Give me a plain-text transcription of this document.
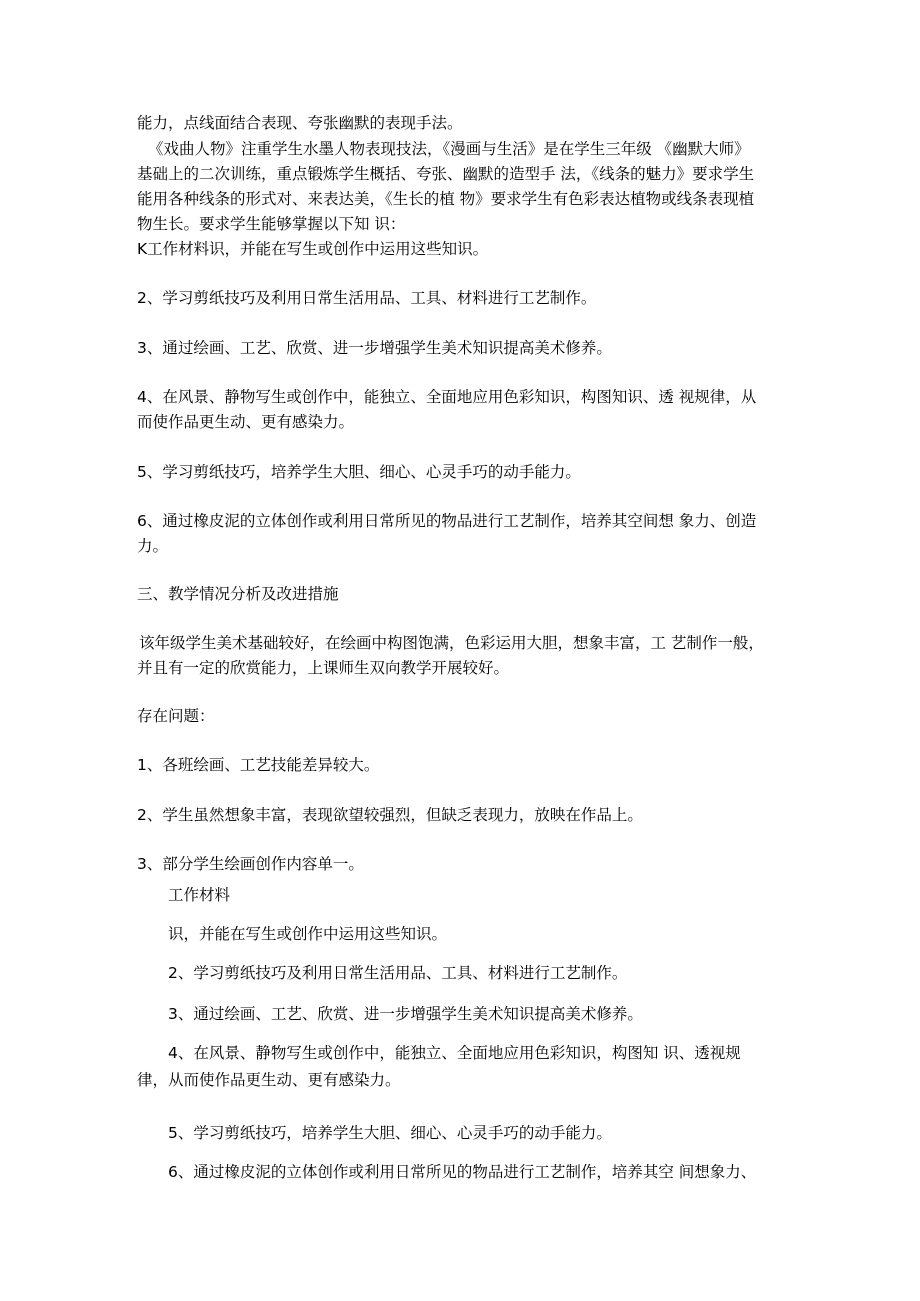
能力，点线面结合表现、夸张幽默的表现手法。
《戏曲人物》注重学生水墨人物表现技法，《漫画与生活》是在学生三年级 《幽默大师》
基础上的二次训练，重点锻炼学生概括、夸张、幽默的造型手 法，《线条的魅力》要求学生
能用各种线条的形式对、来表达美，《生长的植 物》要求学生有色彩表达植物或线条表现植
物生长。要求学生能够掌握以下知 识：
K工作材料识，并能在写生或创作中运用这些知识。
2、学习剪纸技巧及利用日常生活用品、工具、材料进行工艺制作。
3、通过绘画、工艺、欣赏、进一步增强学生美术知识提高美术修养。
4、在风景、静物写生或创作中，能独立、全面地应用色彩知识，构图知识、透 视规律，从
而使作品更生动、更有感染力。
5、学习剪纸技巧，培养学生大胆、细心、心灵手巧的动手能力。
6、通过橡皮泥的立体创作或利用日常所见的物品进行工艺制作，培养其空间想 象力、创造
力。
三、教学情况分析及改进措施
该年级学生美术基础较好，在绘画中构图饱满，色彩运用大胆，想象丰富，工 艺制作一般，
并且有一定的欣赏能力，上课师生双向教学开展较好。
存在问题：
1、各班绘画、工艺技能差异较大。
2、学生虽然想象丰富，表现欲望较强烈，但缺乏表现力，放映在作品上。
3、部分学生绘画创作内容单一。
工作材料
识，并能在写生或创作中运用这些知识。
2、学习剪纸技巧及利用日常生活用品、工具、材料进行工艺制作。
3、通过绘画、工艺、欣赏、进一步增强学生美术知识提高美术修养。
4、在风景、静物写生或创作中，能独立、全面地应用色彩知识，构图知 识、透视规
律，从而使作品更生动、更有感染力。
5、学习剪纸技巧，培养学生大胆、细心、心灵手巧的动手能力。
6、通过橡皮泥的立体创作或利用日常所见的物品进行工艺制作，培养其空 间想象力、
